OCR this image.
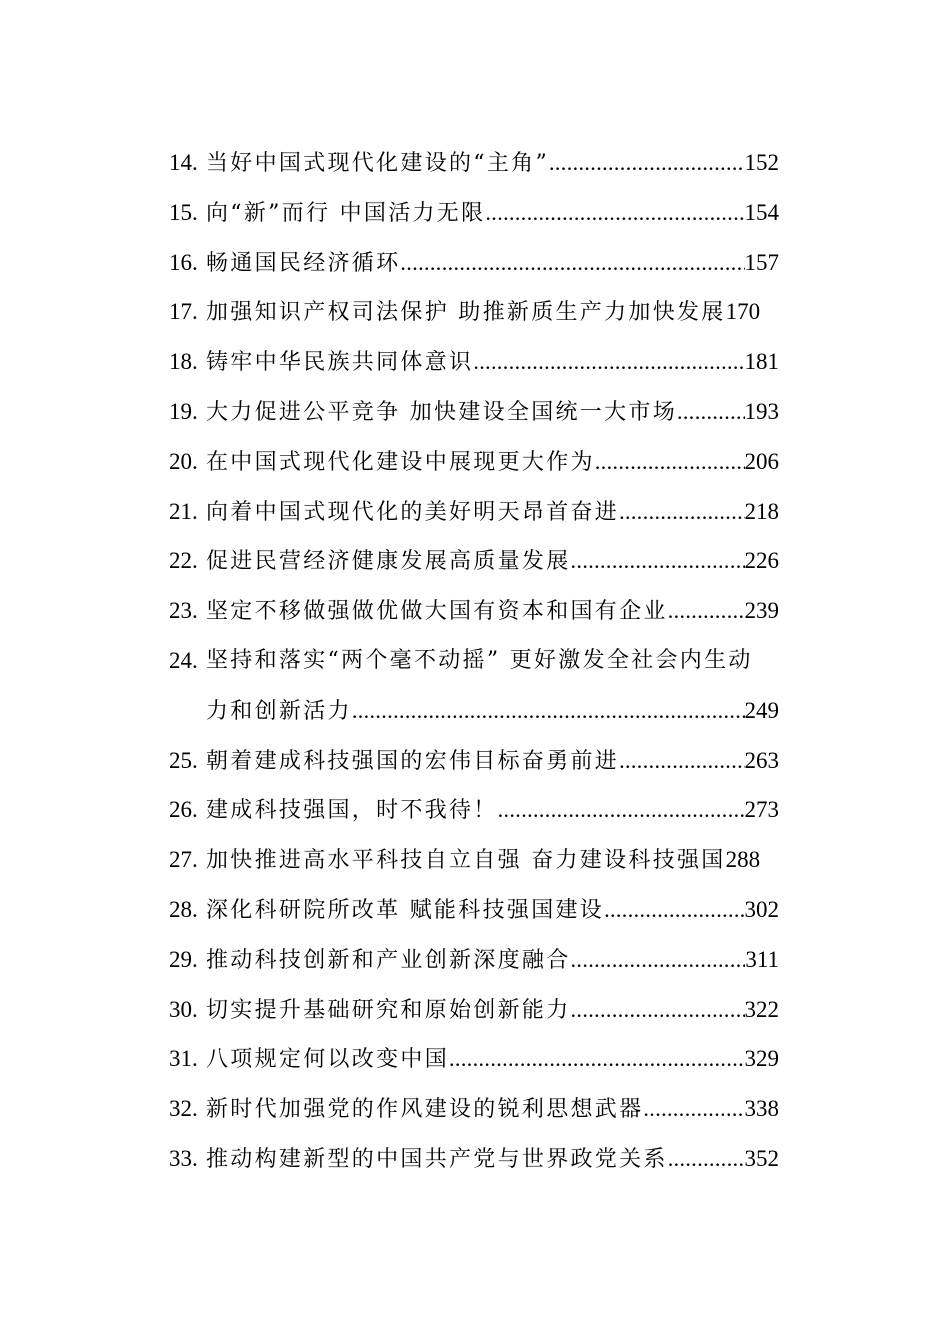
14. 当好中国式现代化建设的“主角” .....	152
15. 向“新”而行 中国活力无限 .....	154
16. 畅通国民经济循环 .....	157
17. 加强知识产权司法保护 助推新质生产力加快发展 170
18. 铸牢中华民族共同体意识 .....	181
19. 大力促进公平竞争 加快建设全国统一大市场 .....	193
20. 在中国式现代化建设中展现更大作为 .....	206
21. 向着中国式现代化的美好明天昂首奋进 .....	218
22. 促进民营经济健康发展高质量发展 .....	226
23. 坚定不移做强做优做大国有资本和国有企业 .....	239
24. 坚持和落实“两个毫不动摇” 更好激发全社会内生动
力和创新活力 .....	249
25. 朝着建成科技强国的宏伟目标奋勇前进 .....	263
26. 建成科技强国，时不我待！ .....	273
27. 加快推进高水平科技自立自强 奋力建设科技强国 288
28. 深化科研院所改革 赋能科技强国建设 .....	302
29. 推动科技创新和产业创新深度融合 .....	311
30. 切实提升基础研究和原始创新能力 .....	322
31. 八项规定何以改变中国 .....	329
32. 新时代加强党的作风建设的锐利思想武器 .....	338
33. 推动构建新型的中国共产党与世界政党关系 .....	352
